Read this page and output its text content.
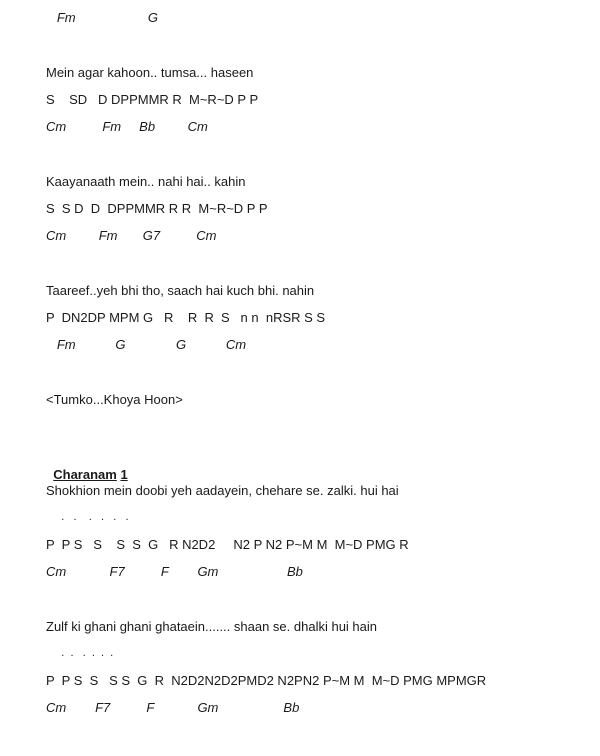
Fm                    G
Mein agar kahoon.. tumsa... haseen
S    SD   D DPPMMR R  M~R~D P P
Cm          Fm     Bb         Cm
Kaayanaath mein.. nahi hai.. kahin
S  S D  D  DPPMMR R R  M~R~D P P
Cm         Fm       G7          Cm
Taareef..yeh bhi tho, saach hai kuch bhi. nahin
P  DN2DP MPM G   R    R  R  S   n n  nRSR S S
Fm           G              G           Cm
<Tumko...Khoya Hoon>

Charanam 1

Shokhion mein doobi yeh aadayein, chehare se. zalki. hui hai
.   .    .   .   .   .
P  P S   S    S  S  G   R N2D2     N2 P N2 P~M M  M~D PMG R
Cm            F7          F        Gm                   Bb
Zulf ki ghani ghani ghataein....... shaan se. dhalki hui hain
.  .   .  .  .  .
P  P S  S   S S  G  R  N2D2N2D2PMD2 N2PN2 P~M M  M~D PMG MPMGR
Cm        F7          F            Gm                  Bb
